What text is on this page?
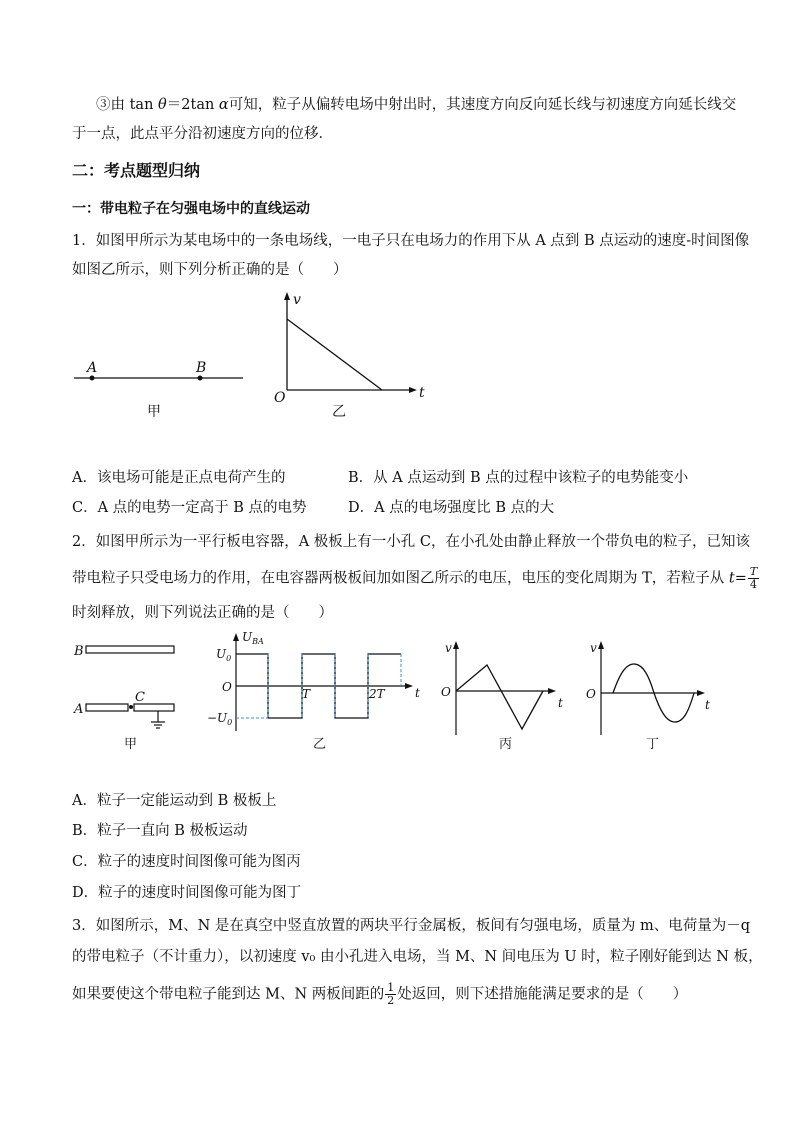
③由 tan θ＝2tan α可知，粒子从偏转电场中射出时，其速度方向反向延长线与初速度方向延长线交
于一点，此点平分沿初速度方向的位移．
二：考点题型归纳
一：带电粒子在匀强电场中的直线运动
1．如图甲所示为某电场中的一条电场线，一电子只在电场力的作用下从 A 点到 B 点运动的速度-时间图像
如图乙所示，则下列分析正确的是（　　）
A	B
甲
v
t
O
乙
A．该电场可能是正点电荷产生的	B．从 A 点运动到 B 点的过程中该粒子的电势能变小
C．A 点的电势一定高于 B 点的电势	D．A 点的电场强度比 B 点的大
2．如图甲所示为一平行板电容器，A 极板上有一小孔 C，在小孔处由静止释放一个带负电的粒子，已知该
带电粒子只受电场力的作用，在电容器两极板间加如图乙所示的电压，电压的变化周期为 T，若粒子从 $t= \frac{T}{4}$
时刻释放，则下列说法正确的是（　　）
B
A
C
甲
$U_{BA}$
$U_0$
$-U_0$
O	T	2T	t
乙
v
O
t
丙
v
O
t
丁
A．粒子一定能运动到 B 极板上
B．粒子一直向 B 极板运动
C．粒子的速度时间图像可能为图丙
D．粒子的速度时间图像可能为图丁
3．如图所示，M、N 是在真空中竖直放置的两块平行金属板，板间有匀强电场，质量为 m、电荷量为－q
的带电粒子（不计重力），以初速度 v₀ 由小孔进入电场，当 M、N 间电压为 U 时，粒子刚好能到达 N 板，
如果要使这个带电粒子能到达 M、N 两板间距的 $\frac{1}{2}$ 处返回，则下述措施能满足要求的是（　　）
